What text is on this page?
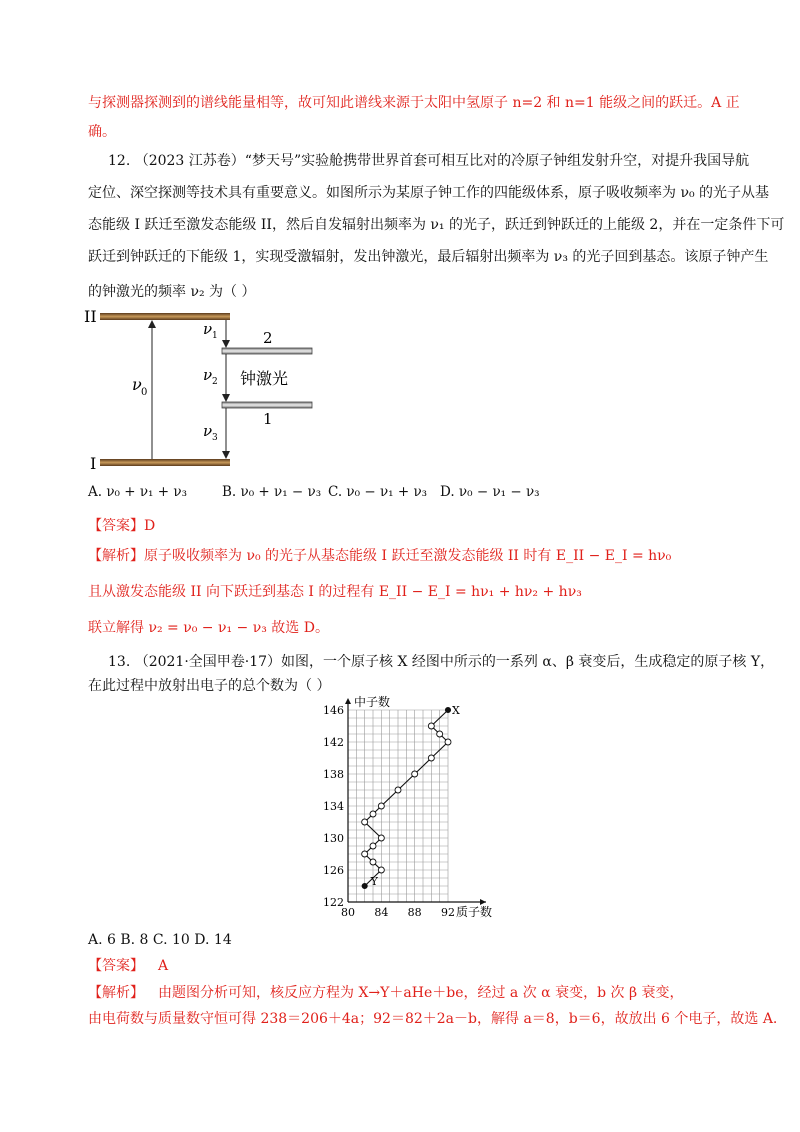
与探测器探测到的谱线能量相等，故可知此谱线来源于太阳中氢原子 n=2 和 n=1 能级之间的跃迁。A 正
确。
12. （2023 江苏卷）“梦天号”实验舱携带世界首套可相互比对的冷原子钟组发射升空，对提升我国导航
定位、深空探测等技术具有重要意义。如图所示为某原子钟工作的四能级体系，原子吸收频率为 ν₀ 的光子从基
态能级 I 跃迁至激发态能级 II，然后自发辐射出频率为 ν₁ 的光子，跃迁到钟跃迁的上能级 2，并在一定条件下可
跃迁到钟跃迁的下能级 1，实现受激辐射，发出钟激光，最后辐射出频率为 ν₃ 的光子回到基态。该原子钟产生
的钟激光的频率 ν₂ 为（ ）
II
I
2
1
钟激光
ν 0
ν 1
ν 2
ν 3
A. ν₀ + ν₁ + ν₃	B. ν₀ + ν₁ − ν₃ C. ν₀ − ν₁ + ν₃ D. ν₀ − ν₁ − ν₃
【答案】D
【解析】原子吸收频率为 ν₀ 的光子从基态能级 I 跃迁至激发态能级 II 时有 E_II − E_I = hν₀
且从激发态能级 II 向下跃迁到基态 I 的过程有 E_II − E_I = hν₁ + hν₂ + hν₃
联立解得 ν₂ = ν₀ − ν₁ − ν₃ 故选 D。
13. （2021·全国甲卷·17）如图，一个原子核 X 经图中所示的一系列 α、β 衰变后，生成稳定的原子核 Y，
在此过程中放射出电子的总个数为（ ）
122
126
130
134
138
142
146
80 84 88 92
中子数
质子数
X
Y
A. 6 B. 8 C. 10 D. 14
【答案】 A
【解析】 由题图分析可知，核反应方程为 X→Y＋aHe＋be，经过 a 次 α 衰变，b 次 β 衰变，
由电荷数与质量数守恒可得 238＝206＋4a；92＝82＋2a－b，解得 a＝8，b＝6，故放出 6 个电子，故选 A.
